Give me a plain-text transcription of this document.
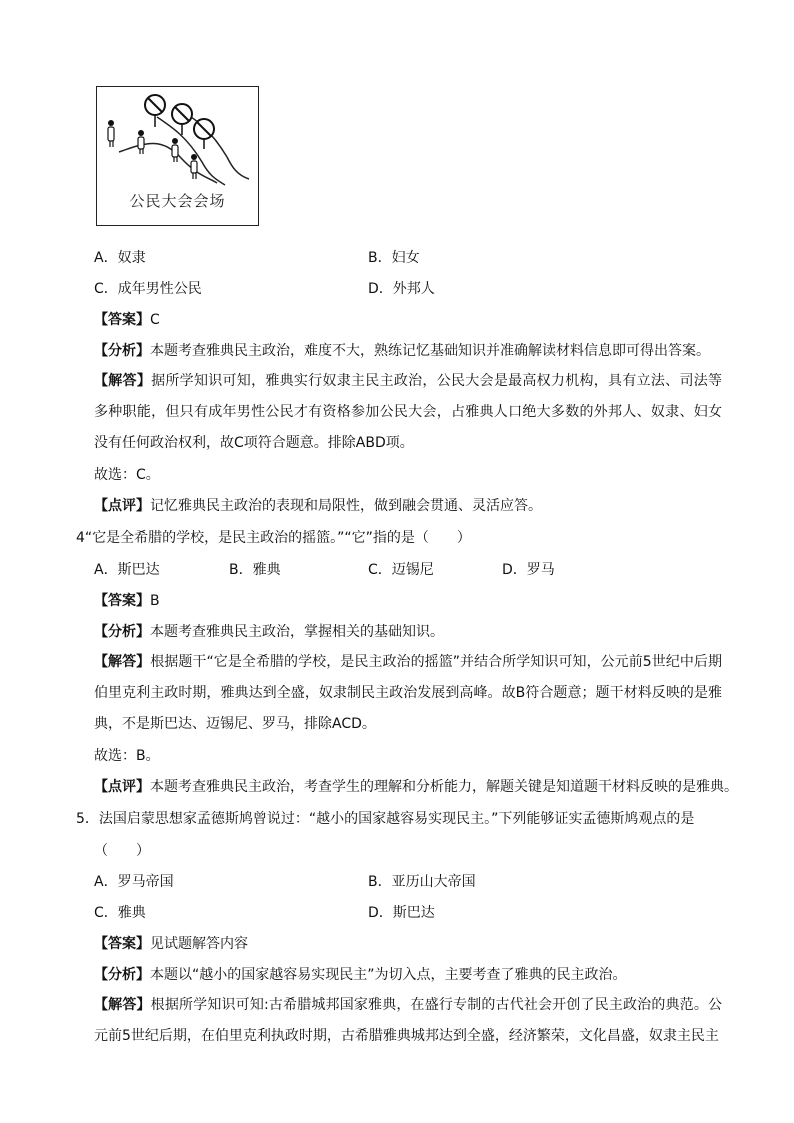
公民大会会场
A．奴隶	B．妇女
C．成年男性公民	D．外邦人
【答案】C
【分析】本题考查雅典民主政治，难度不大，熟练记忆基础知识并准确解读材料信息即可得出答案。
【解答】据所学知识可知，雅典实行奴隶主民主政治，公民大会是最高权力机构，具有立法、司法等多种职能，但只有成年男性公民才有资格参加公民大会，占雅典人口绝大多数的外邦人、奴隶、妇女没有任何政治权利，故C项符合题意。排除ABD项。
故选：C。
【点评】记忆雅典民主政治的表现和局限性，做到融会贯通、灵活应答。
4“它是全希腊的学校，是民主政治的摇篮。”“它”指的是（　　）
A．斯巴达	B．雅典	C．迈锡尼	D．罗马
【答案】B
【分析】本题考查雅典民主政治，掌握相关的基础知识。
【解答】根据题干“它是全希腊的学校，是民主政治的摇篮”并结合所学知识可知，公元前5世纪中后期伯里克利主政时期，雅典达到全盛，奴隶制民主政治发展到高峰。故B符合题意；题干材料反映的是雅典，不是斯巴达、迈锡尼、罗马，排除ACD。
故选：B。
【点评】本题考查雅典民主政治，考查学生的理解和分析能力，解题关键是知道题干材料反映的是雅典。
5．法国启蒙思想家孟德斯鸠曾说过：“越小的国家越容易实现民主。”下列能够证实孟德斯鸠观点的是
（　　）
A．罗马帝国	B．亚历山大帝国
C．雅典	D．斯巴达
【答案】见试题解答内容
【分析】本题以“越小的国家越容易实现民主”为切入点，主要考查了雅典的民主政治。
【解答】根据所学知识可知:古希腊城邦国家雅典，在盛行专制的古代社会开创了民主政治的典范。公元前5世纪后期，在伯里克利执政时期，古希腊雅典城邦达到全盛，经济繁荣，文化昌盛，奴隶主民主
